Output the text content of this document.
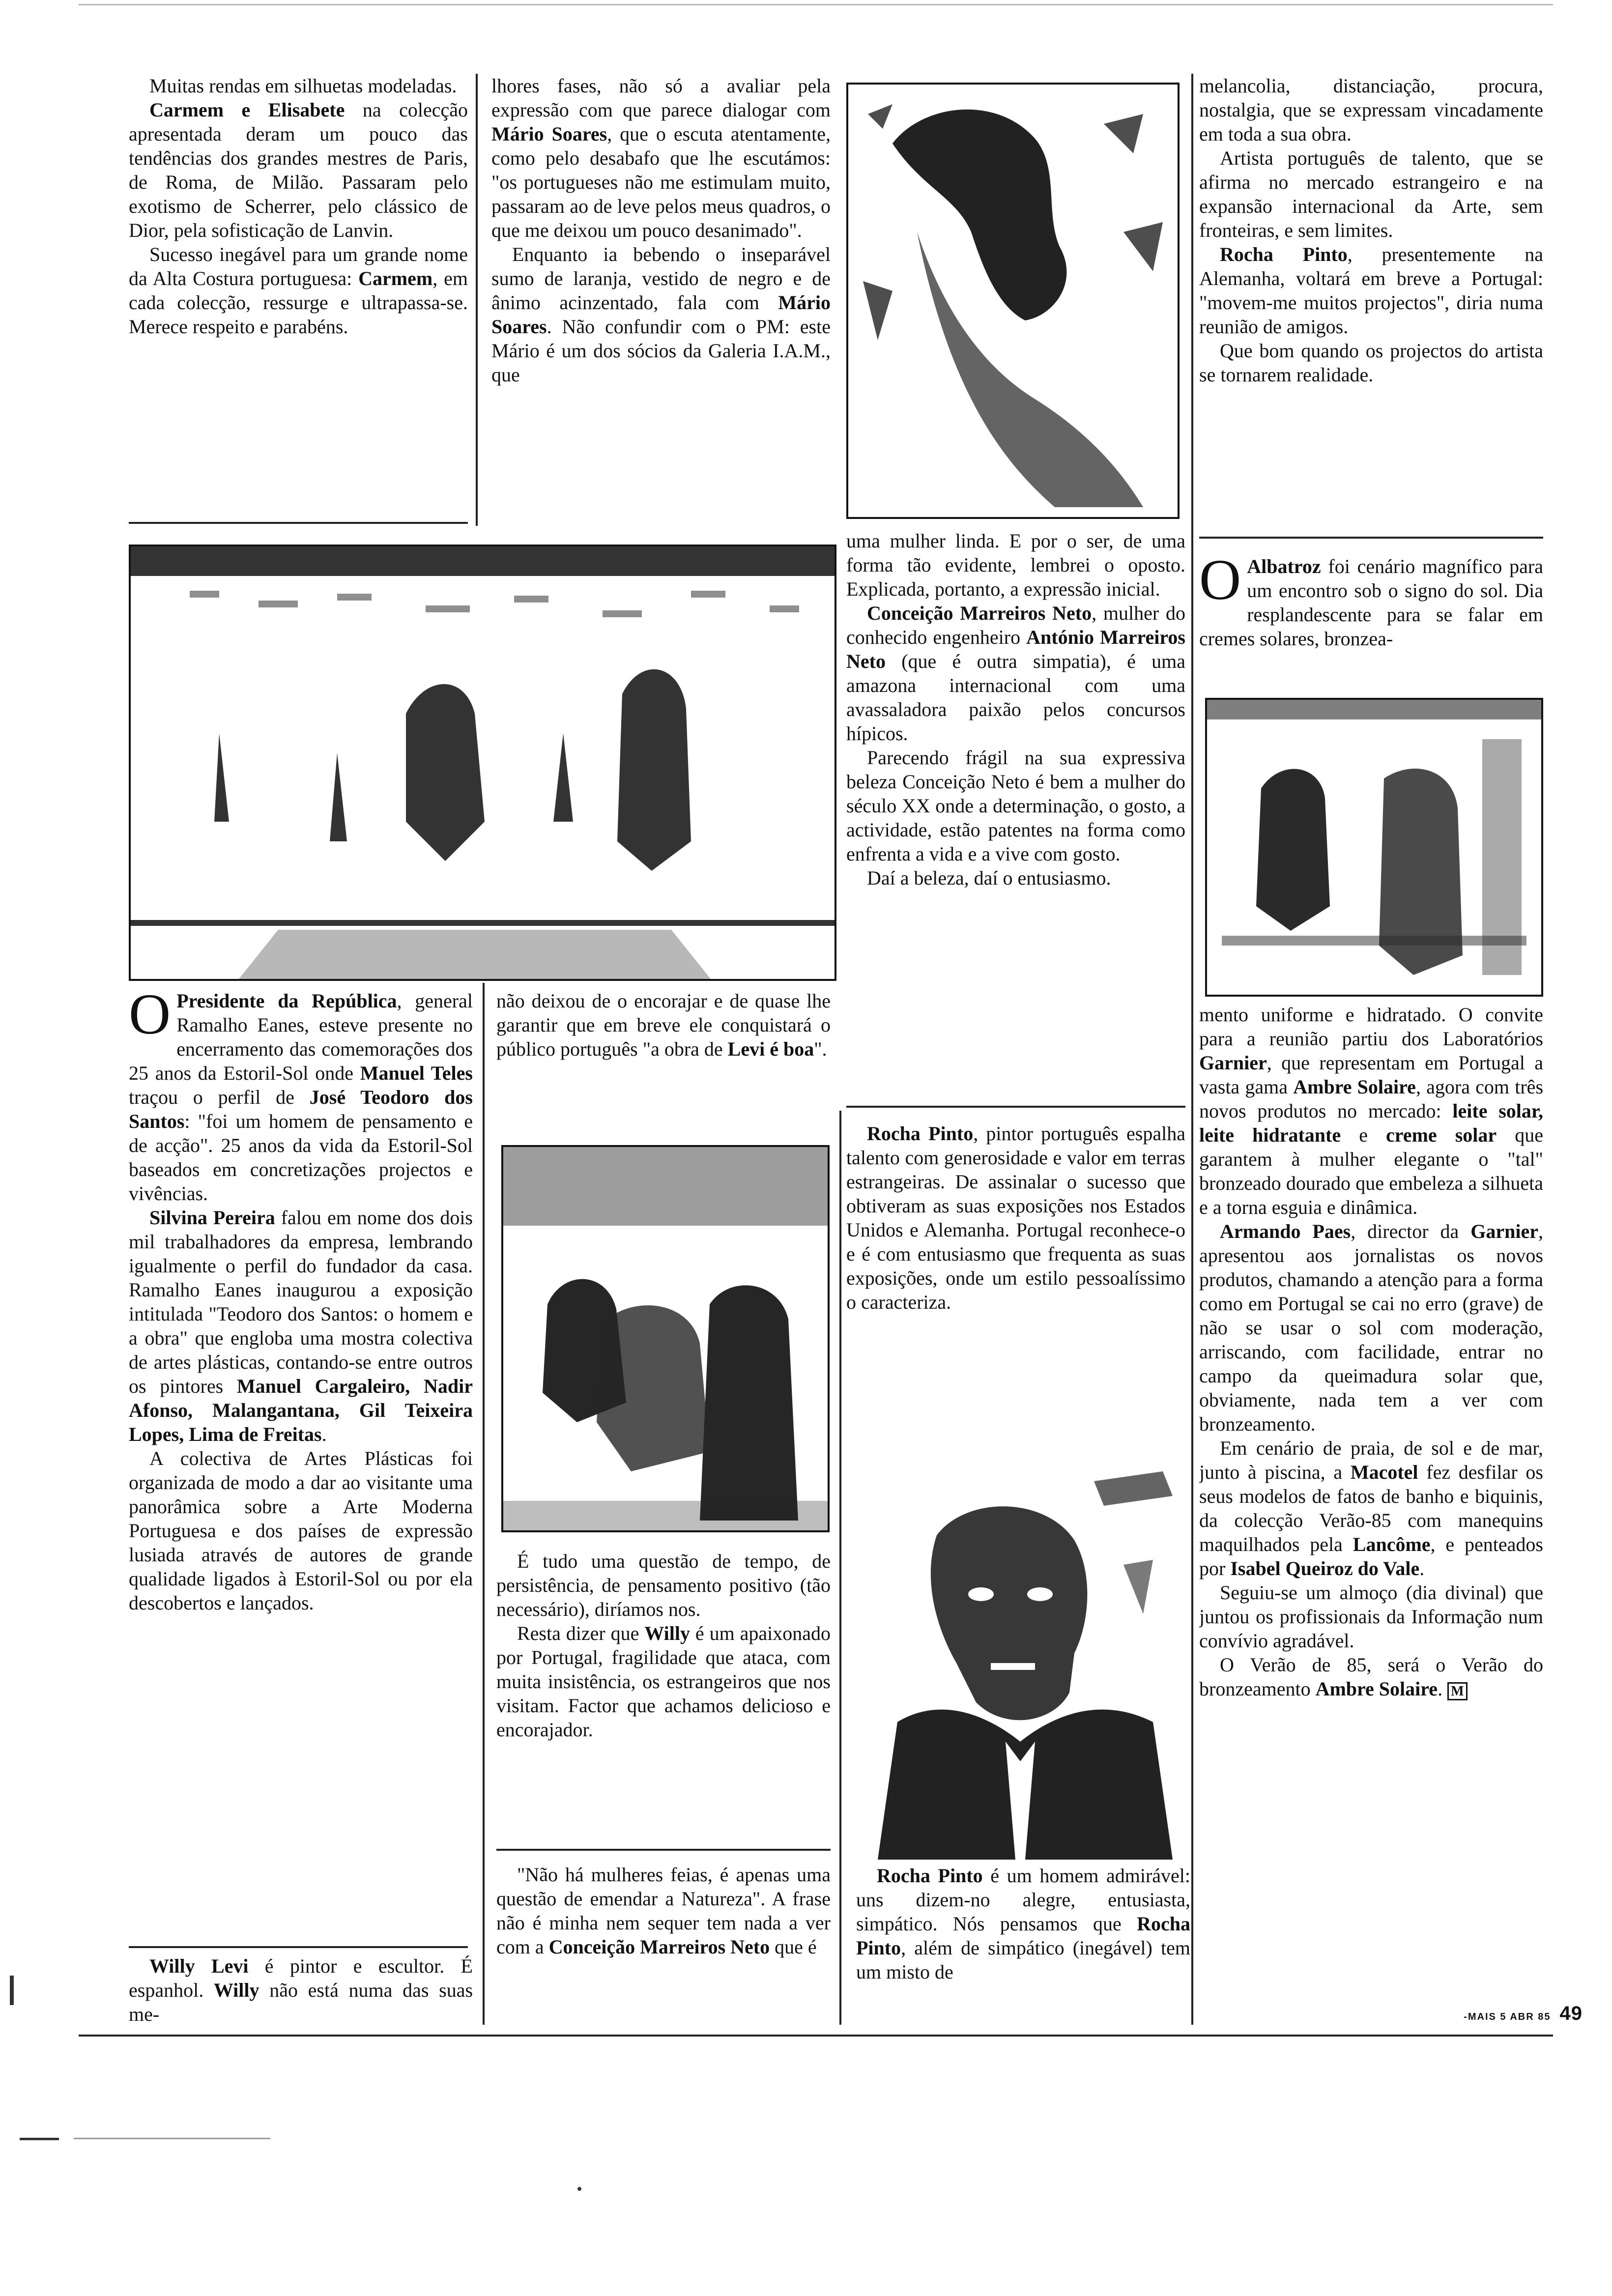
Muitas rendas em silhuetas modeladas.

Carmem e Elisabete na colecção apresentada deram um pouco das tendências dos grandes mestres de Paris, de Roma, de Milão. Passaram pelo exotismo de Scherrer, pelo clássico de Dior, pela sofisticação de Lanvin.

Sucesso inegável para um grande nome da Alta Costura portuguesa: Carmem, em cada colecção, ressurge e ultrapassa-se. Merece respeito e parabéns.

lhores fases, não só a avaliar pela expressão com que parece dialogar com Mário Soares, que o escuta atentamente, como pelo desabafo que lhe escutámos: "os portugueses não me estimulam muito, passaram ao de leve pelos meus quadros, o que me deixou um pouco desanimado".

Enquanto ia bebendo o inseparável sumo de laranja, vestido de negro e de ânimo acinzentado, fala com Mário Soares. Não confundir com o PM: este Mário é um dos sócios da Galeria I.A.M., que

melancolia, distanciação, procura, nostalgia, que se expressam vincadamente em toda a sua obra.

Artista português de talento, que se afirma no mercado estrangeiro e na expansão internacional da Arte, sem fronteiras, e sem limites.

Rocha Pinto, presentemente na Alemanha, voltará em breve a Portugal: "movem-me muitos projectos", diria numa reunião de amigos.

Que bom quando os projectos do artista se tornarem realidade.

uma mulher linda. E por o ser, de uma forma tão evidente, lembrei o oposto. Explicada, portanto, a expressão inicial.

Conceição Marreiros Neto, mulher do conhecido engenheiro António Marreiros Neto (que é outra simpatia), é uma amazona internacional com uma avassaladora paixão pelos concursos hípicos.

Parecendo frágil na sua expressiva beleza Conceição Neto é bem a mulher do século XX onde a determinação, o gosto, a actividade, estão patentes na forma como enfrenta a vida e a vive com gosto.

Daí a beleza, daí o entusiasmo.

O Albatroz foi cenário magnífico para um encontro sob o signo do sol. Dia resplandescente para se falar em cremes solares, bronzea-

O Presidente da República, general Ramalho Eanes, esteve presente no encerramento das comemorações dos 25 anos da Estoril-Sol onde Manuel Teles traçou o perfil de José Teodoro dos Santos: "foi um homem de pensamento e de acção". 25 anos da vida da Estoril-Sol baseados em concretizações projectos e vivências.

Silvina Pereira falou em nome dos dois mil trabalhadores da empresa, lembrando igualmente o perfil do fundador da casa. Ramalho Eanes inaugurou a exposição intitulada "Teodoro dos Santos: o homem e a obra" que engloba uma mostra colectiva de artes plásticas, contando-se entre outros os pintores Manuel Cargaleiro, Nadir Afonso, Malangantana, Gil Teixeira Lopes, Lima de Freitas.

A colectiva de Artes Plásticas foi organizada de modo a dar ao visitante uma panorâmica sobre a Arte Moderna Portuguesa e dos países de expressão lusiada através de autores de grande qualidade ligados à Estoril-Sol ou por ela descobertos e lançados.

Willy Levi é pintor e escultor. É espanhol. Willy não está numa das suas me-

não deixou de o encorajar e de quase lhe garantir que em breve ele conquistará o público português "a obra de Levi é boa".

É tudo uma questão de tempo, de persistência, de pensamento positivo (tão necessário), diríamos nos.

Resta dizer que Willy é um apaixonado por Portugal, fragilidade que ataca, com muita insistência, os estrangeiros que nos visitam. Factor que achamos delicioso e encorajador.

"Não há mulheres feias, é apenas uma questão de emendar a Natureza". A frase não é minha nem sequer tem nada a ver com a Conceição Marreiros Neto que é

Rocha Pinto, pintor português espalha talento com generosidade e valor em terras estrangeiras. De assinalar o sucesso que obtiveram as suas exposições nos Estados Unidos e Alemanha. Portugal reconhece-o e é com entusiasmo que frequenta as suas exposições, onde um estilo pessoalíssimo o caracteriza.

Rocha Pinto é um homem admirável: uns dizem-no alegre, entusiasta, simpático. Nós pensamos que Rocha Pinto, além de simpático (inegável) tem um misto de

mento uniforme e hidratado. O convite para a reunião partiu dos Laboratórios Garnier, que representam em Portugal a vasta gama Ambre Solaire, agora com três novos produtos no mercado: leite solar, leite hidratante e creme solar que garantem à mulher elegante o "tal" bronzeado dourado que embeleza a silhueta e a torna esguia e dinâmica.

Armando Paes, director da Garnier, apresentou aos jornalistas os novos produtos, chamando a atenção para a forma como em Portugal se cai no erro (grave) de não se usar o sol com moderação, arriscando, com facilidade, entrar no campo da queimadura solar que, obviamente, nada tem a ver com bronzeamento.

Em cenário de praia, de sol e de mar, junto à piscina, a Macotel fez desfilar os seus modelos de fatos de banho e biquinis, da colecção Verão-85 com manequins maquilhados pela Lancôme, e penteados por Isabel Queiroz do Vale.

Seguiu-se um almoço (dia divinal) que juntou os profissionais da Informação num convívio agradável.

O Verão de 85, será o Verão do bronzeamento Ambre Solaire. M

-MAIS 5 ABR 85 49
